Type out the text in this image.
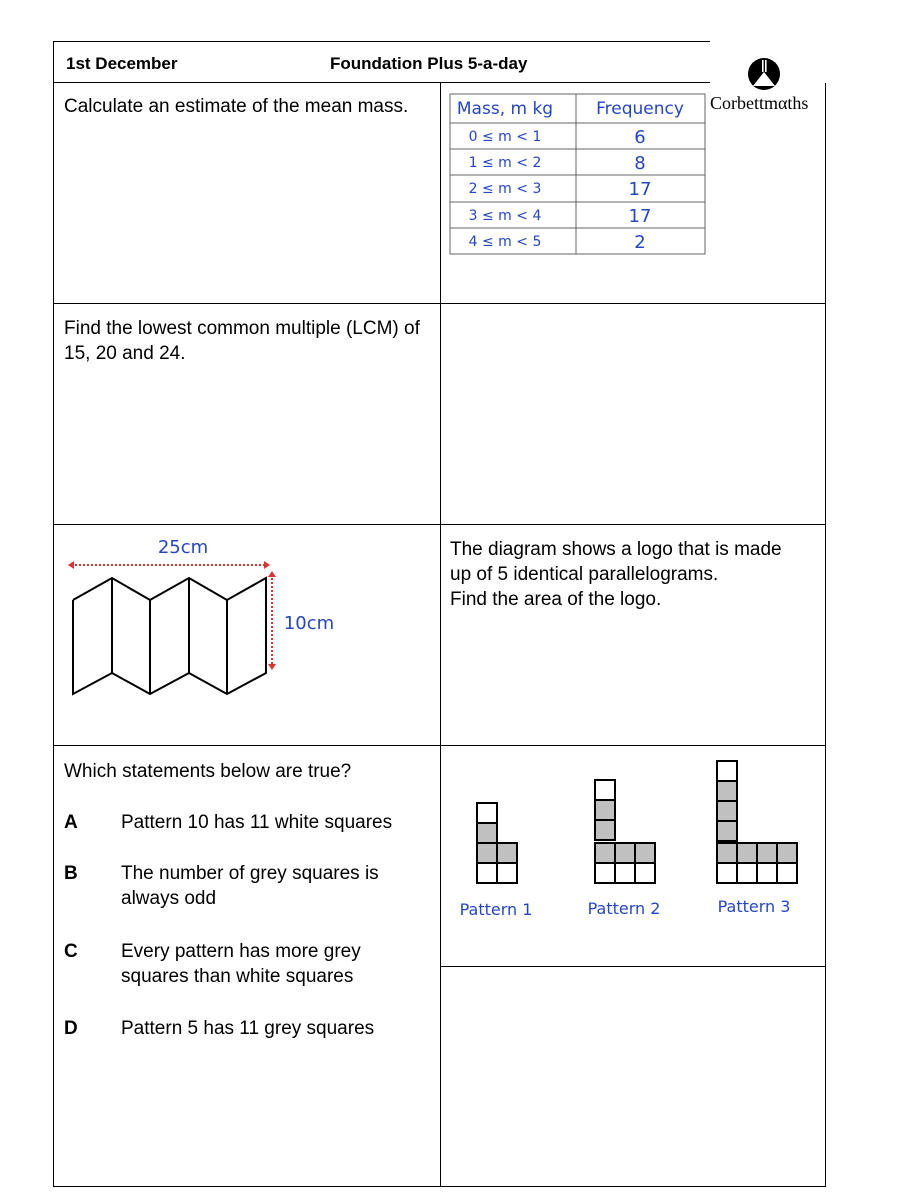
1st December	Foundation Plus 5-a-day
Corbettmαths
Calculate an estimate of the mean mass.	Mass, m kg	Frequency
0 ≤ m < 1	6
1 ≤ m < 2	8
2 ≤ m < 3	17
3 ≤ m < 4	17
4 ≤ m < 5	2
Find the lowest common multiple (LCM) of 15, 20 and 24.
25cm
10cm
The diagram shows a logo that is made
up of 5 identical parallelograms.
Find the area of the logo.
Which statements below are true?
A Pattern 10 has 11 white squares
B The number of grey squares is always odd
C Every pattern has more grey squares than white squares
D Pattern 5 has 11 grey squares
Pattern 1	Pattern 2	Pattern 3
